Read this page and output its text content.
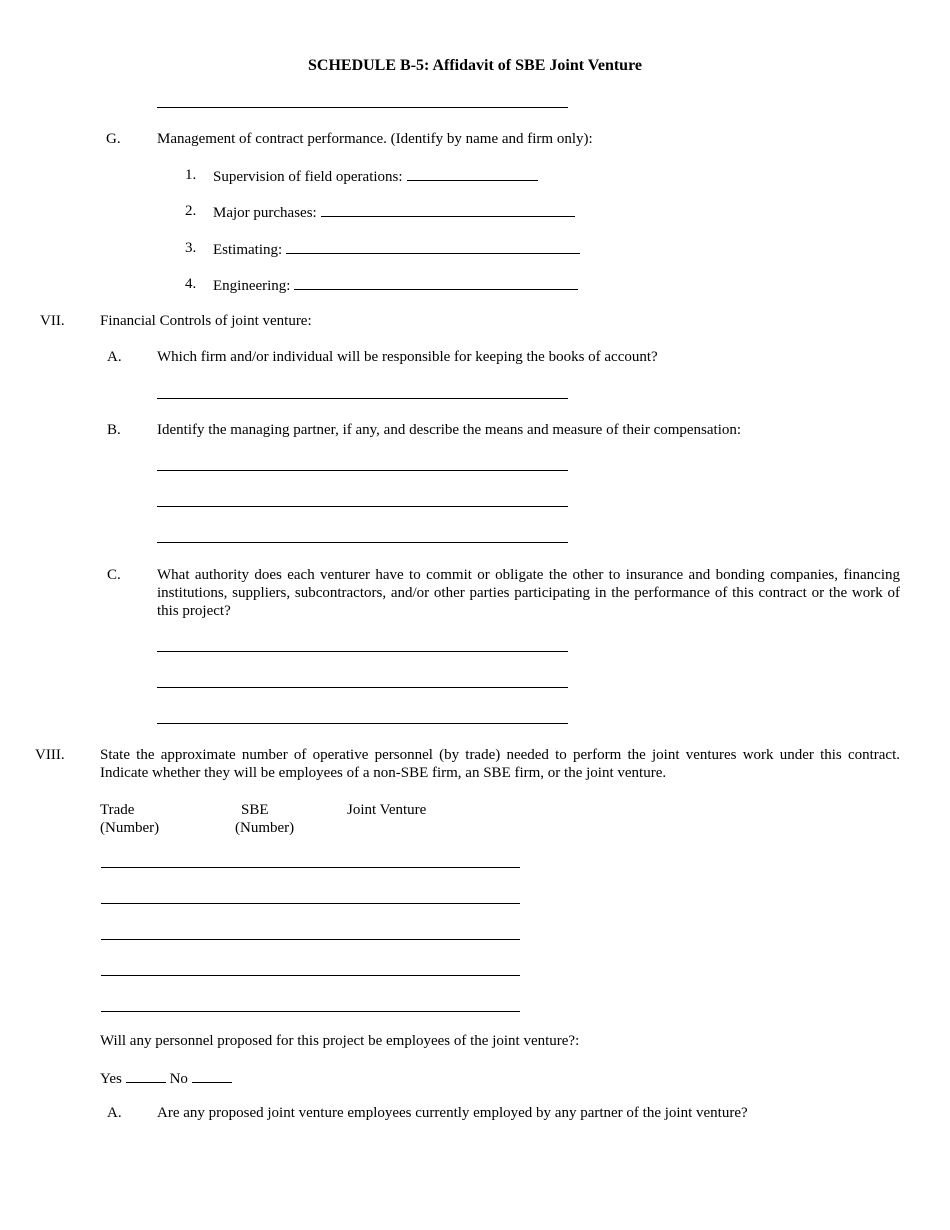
SCHEDULE B-5: Affidavit of SBE Joint Venture
G. Management of contract performance. (Identify by name and firm only):
1. Supervision of field operations:
2. Major purchases:
3. Estimating:
4. Engineering:
VII. Financial Controls of joint venture:
A. Which firm and/or individual will be responsible for keeping the books of account?
B. Identify the managing partner, if any, and describe the means and measure of their compensation:
C. What authority does each venturer have to commit or obligate the other to insurance and bonding companies, financing institutions, suppliers, subcontractors, and/or other parties participating in the performance of this contract or the work of this project?
VIII. State the approximate number of operative personnel (by trade) needed to perform the joint ventures work under this contract. Indicate whether they will be employees of a non-SBE firm, an SBE firm, or the joint venture.
Trade
(Number)
SBE
(Number)
Joint Venture
Will any personnel proposed for this project be employees of the joint venture?:
Yes	No
A. Are any proposed joint venture employees currently employed by any partner of the joint venture?
